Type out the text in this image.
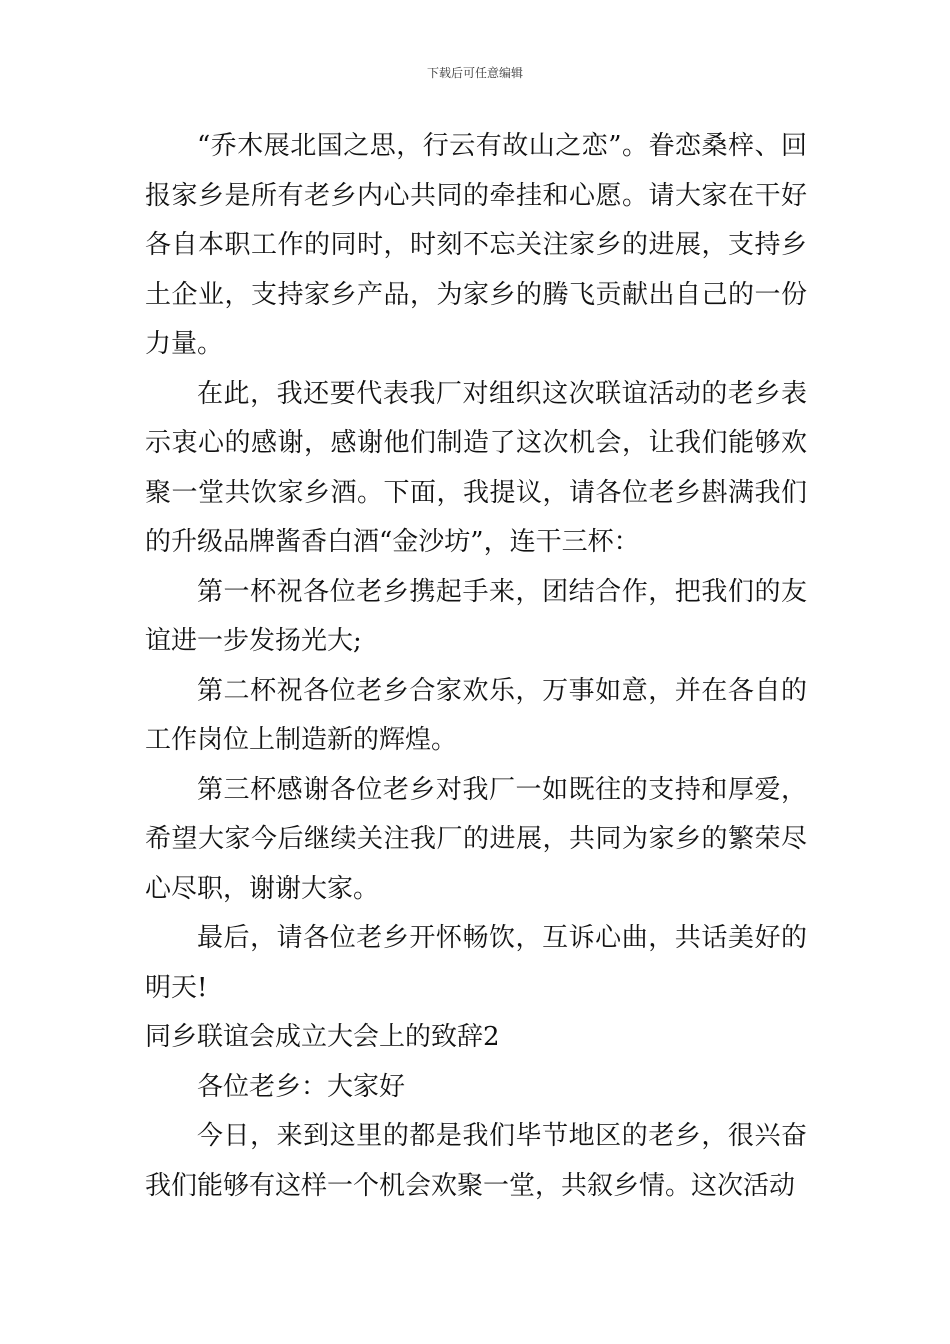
下载后可任意编辑

“乔木展北国之思，行云有故山之恋”。眷恋桑梓、回报家乡是所有老乡内心共同的牵挂和心愿。请大家在干好各自本职工作的同时，时刻不忘关注家乡的进展，支持乡土企业，支持家乡产品，为家乡的腾飞贡献出自己的一份力量。

在此，我还要代表我厂对组织这次联谊活动的老乡表示衷心的感谢，感谢他们制造了这次机会，让我们能够欢聚一堂共饮家乡酒。下面，我提议，请各位老乡斟满我们的升级品牌酱香白酒“金沙坊”，连干三杯：

第一杯祝各位老乡携起手来，团结合作，把我们的友谊进一步发扬光大;

第二杯祝各位老乡合家欢乐，万事如意，并在各自的工作岗位上制造新的辉煌。

第三杯感谢各位老乡对我厂一如既往的支持和厚爱，希望大家今后继续关注我厂的进展，共同为家乡的繁荣尽心尽职，谢谢大家。

最后，请各位老乡开怀畅饮，互诉心曲，共话美好的明天!

同乡联谊会成立大会上的致辞2

各位老乡：大家好

今日，来到这里的都是我们毕节地区的老乡，很兴奋我们能够有这样一个机会欢聚一堂，共叙乡情。这次活动
